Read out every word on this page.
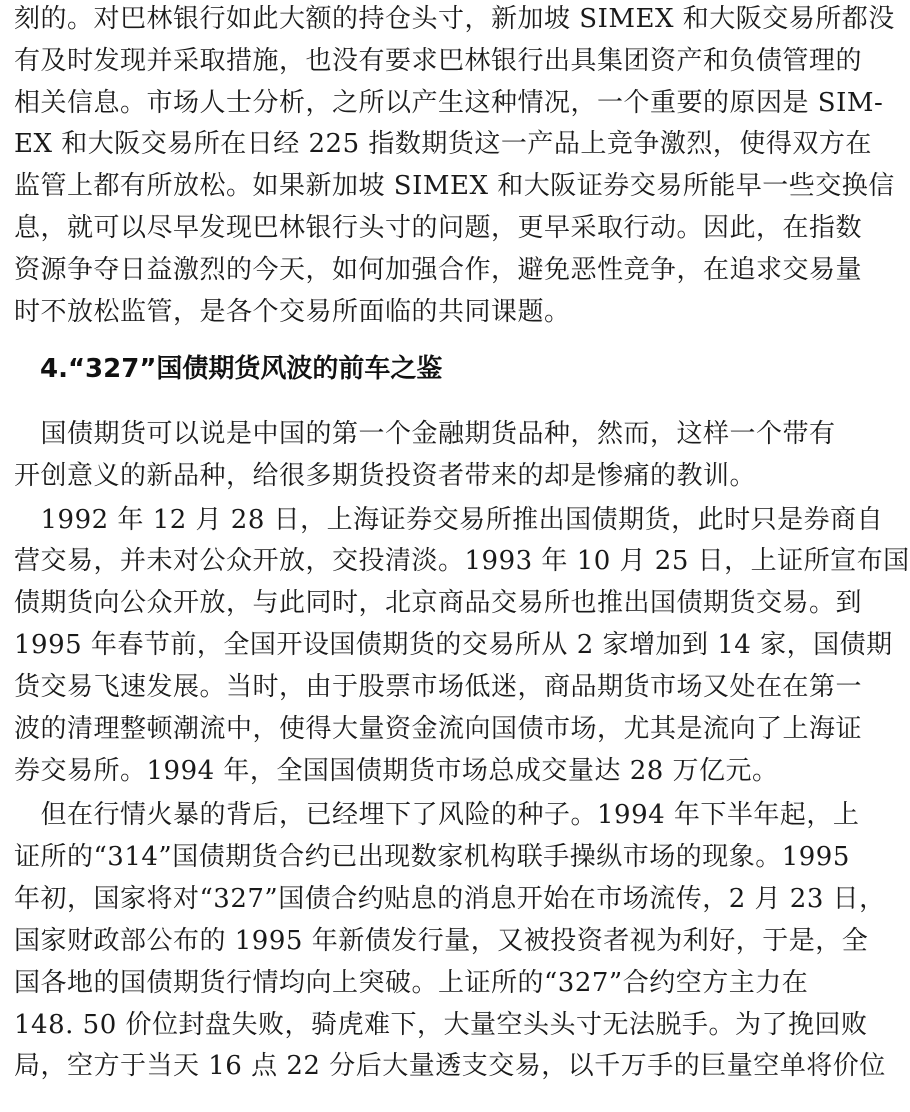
刻的。对巴林银行如此大额的持仓头寸，新加坡 SIMEX 和大阪交易所都没
有及时发现并采取措施，也没有要求巴林银行出具集团资产和负债管理的
相关信息。市场人士分析，之所以产生这种情况，一个重要的原因是 SIM-
EX 和大阪交易所在日经 225 指数期货这一产品上竞争激烈，使得双方在
监管上都有所放松。如果新加坡 SIMEX 和大阪证券交易所能早一些交换信
息，就可以尽早发现巴林银行头寸的问题，更早采取行动。因此，在指数
资源争夺日益激烈的今天，如何加强合作，避免恶性竞争，在追求交易量
时不放松监管，是各个交易所面临的共同课题。
4.“327”国债期货风波的前车之鉴
　国债期货可以说是中国的第一个金融期货品种，然而，这样一个带有
开创意义的新品种，给很多期货投资者带来的却是惨痛的教训。
　1992 年 12 月 28 日，上海证券交易所推出国债期货，此时只是券商自
营交易，并未对公众开放，交投清淡。1993 年 10 月 25 日，上证所宣布国
债期货向公众开放，与此同时，北京商品交易所也推出国债期货交易。到
1995 年春节前，全国开设国债期货的交易所从 2 家增加到 14 家，国债期
货交易飞速发展。当时，由于股票市场低迷，商品期货市场又处在在第一
波的清理整顿潮流中，使得大量资金流向国债市场，尤其是流向了上海证
券交易所。1994 年，全国国债期货市场总成交量达 28 万亿元。
　但在行情火暴的背后，已经埋下了风险的种子。1994 年下半年起，上
证所的“314”国债期货合约已出现数家机构联手操纵市场的现象。1995
年初，国家将对“327”国债合约贴息的消息开始在市场流传，2 月 23 日，
国家财政部公布的 1995 年新债发行量，又被投资者视为利好，于是，全
国各地的国债期货行情均向上突破。上证所的“327”合约空方主力在
148. 50 价位封盘失败，骑虎难下，大量空头头寸无法脱手。为了挽回败
局，空方于当天 16 点 22 分后大量透支交易，以千万手的巨量空单将价位
